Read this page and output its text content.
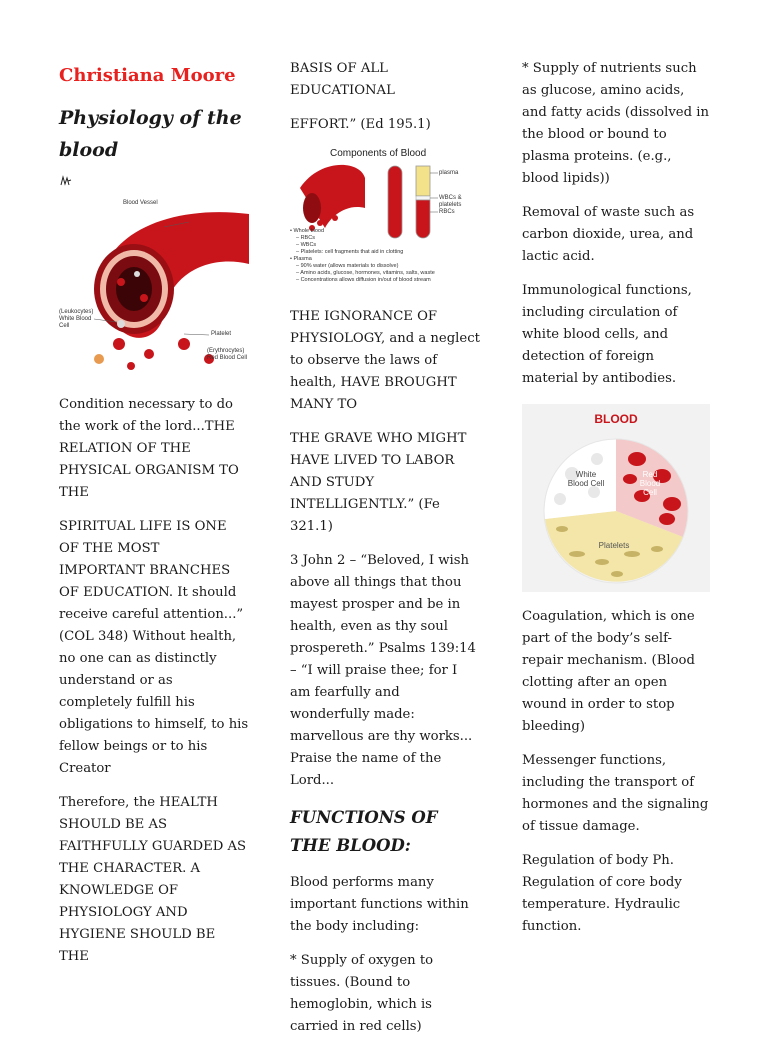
Christiana Moore
Physiology of the blood
Blood Vessel
(Leukocytes) White Blood Cell
Platelet
(Erythrocytes) Red Blood Cell

Condition necessary to do the work of the lord...THE RELATION OF THE PHYSICAL ORGANISM TO THE

SPIRITUAL LIFE IS ONE OF THE MOST IMPORTANT BRANCHES OF EDUCATION. It should receive careful attention...” (COL 348) Without health, no one can as distinctly understand or as completely fulfill his obligations to himself, to his fellow beings or to his Creator

Therefore, the HEALTH SHOULD BE AS FAITHFULLY GUARDED AS THE CHARACTER. A KNOWLEDGE OF PHYSIOLOGY AND HYGIENE SHOULD BE THE

BASIS OF ALL EDUCATIONAL

EFFORT.” (Ed 195.1)

Components of Blood
plasma
WBCs & platelets
RBCs
• Whole blood
– RBCs
– WBCs
– Platelets: cell fragments that aid in clotting
• Plasma
– 90% water (allows materials to dissolve)
– Amino acids, glucose, hormones, vitamins, salts, waste
– Concentrations allows diffusion in/out of blood stream

THE IGNORANCE OF PHYSIOLOGY, and a neglect to observe the laws of health, HAVE BROUGHT MANY TO

THE GRAVE WHO MIGHT HAVE LIVED TO LABOR AND STUDY INTELLIGENTLY.” (Fe 321.1)

3 John 2 – “Beloved, I wish above all things that thou mayest prosper and be in health, even as thy soul prospereth.” Psalms 139:14 – “I will praise thee; for I am fearfully and wonderfully made: marvellous are thy works... Praise the name of the Lord...

FUNCTIONS OF THE BLOOD:

Blood performs many important functions within the body including:

* Supply of oxygen to tissues. (Bound to hemoglobin, which is carried in red cells)

* Supply of nutrients such as glucose, amino acids, and fatty acids (dissolved in the blood or bound to plasma proteins. (e.g., blood lipids))

Removal of waste such as carbon dioxide, urea, and lactic acid.

Immunological functions, including circulation of white blood cells, and detection of foreign material by antibodies.

BLOOD
White Blood Cell
Red Blood Cell
Platelets

Coagulation, which is one part of the body’s self-repair mechanism. (Blood clotting after an open wound in order to stop bleeding)

Messenger functions, including the transport of hormones and the signaling of tissue damage.

Regulation of body Ph. Regulation of core body temperature. Hydraulic function.
